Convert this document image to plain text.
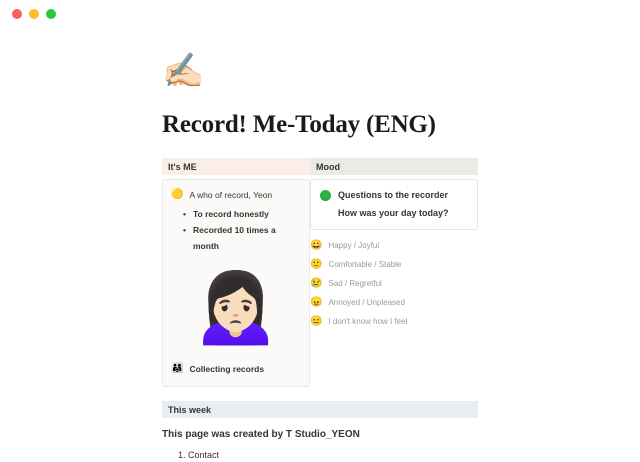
✍🏻
Record! Me-Today (ENG)
It's ME
🟡 A who of record, Yeon
• To record honestly
• Recorded 10 times a month
🙍🏻‍♀️
👨‍👩‍👧 Collecting records
Mood
Questions to the recorder
How was your day today?
😀 Happy / Joyful
🙂 Comfortable / Stable
😢 Sad / Regretful
😠 Annoyed / Unpleased
😐 I don't know how I feel
This week
This page was created by T Studio_YEON
1. Contact
